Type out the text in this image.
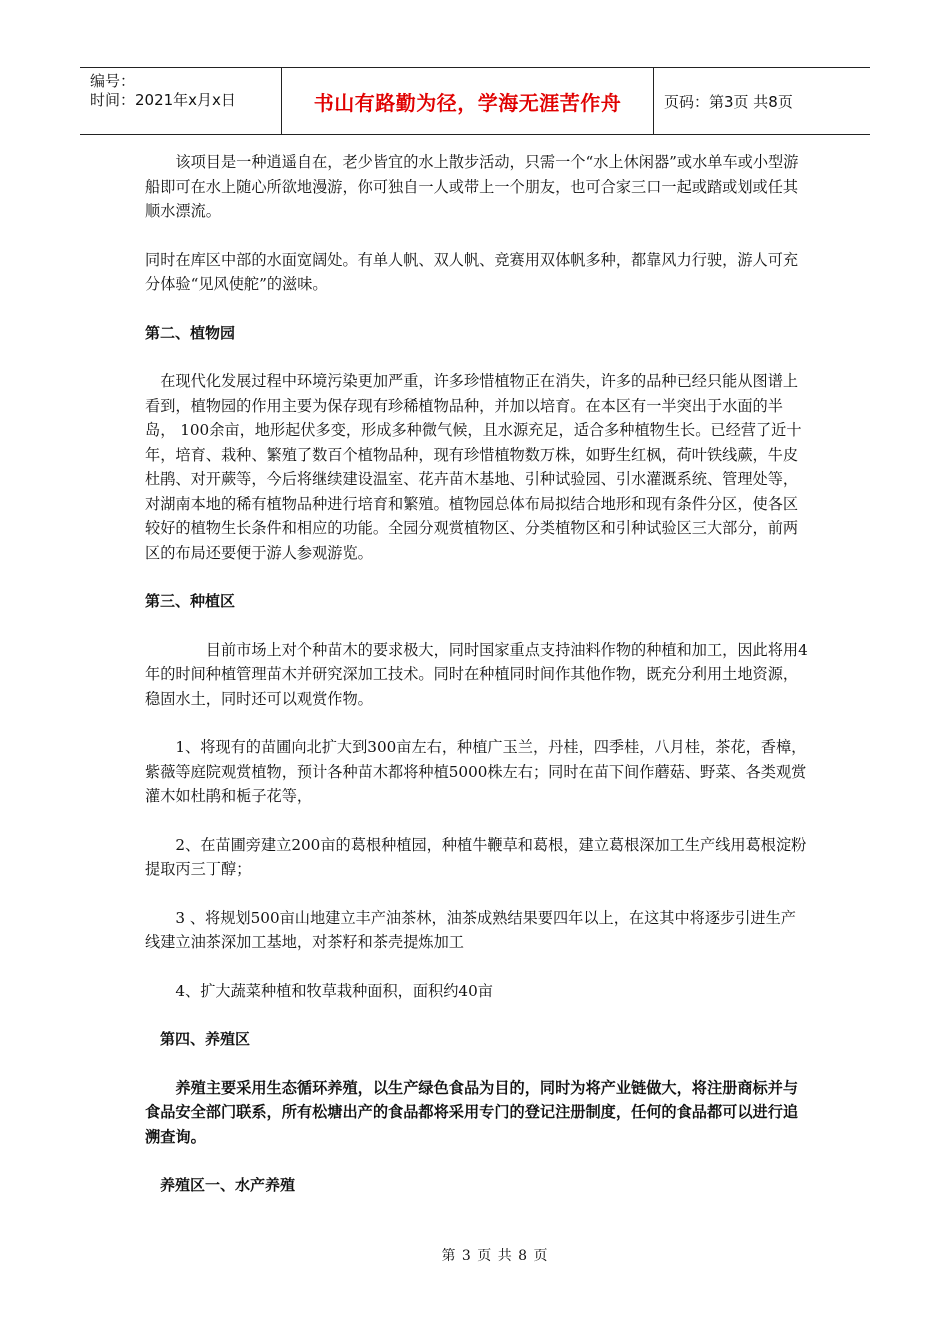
编号：
时间：2021年x月x日	书山有路勤为径，学海无涯苦作舟	页码：第3页 共8页

　　该项目是一种逍遥自在，老少皆宜的水上散步活动，只需一个“水上休闲器”或水单车或小型游船即可在水上随心所欲地漫游，你可独自一人或带上一个朋友，也可合家三口一起或踏或划或任其顺水漂流。

同时在库区中部的水面宽阔处。有单人帆、双人帆、竞赛用双体帆多种，都靠风力行驶，游人可充分体验“见风使舵”的滋味。

第二、植物园

　在现代化发展过程中环境污染更加严重，许多珍惜植物正在消失，许多的品种已经只能从图谱上看到，植物园的作用主要为保存现有珍稀植物品种，并加以培育。在本区有一半突出于水面的半岛， 100余亩，地形起伏多变，形成多种微气候，且水源充足，适合多种植物生长。已经营了近十年，培育、栽种、繁殖了数百个植物品种，现有珍惜植物数万株，如野生红枫，荷叶铁线蕨，牛皮杜鹃、对开蕨等，今后将继续建设温室、花卉苗木基地、引种试验园、引水灌溉系统、管理处等，对湖南本地的稀有植物品种进行培育和繁殖。植物园总体布局拟结合地形和现有条件分区，使各区较好的植物生长条件和相应的功能。全园分观赏植物区、分类植物区和引种试验区三大部分，前两区的布局还要便于游人参观游览。

第三、种植区

　　　　目前市场上对个种苗木的要求极大，同时国家重点支持油料作物的种植和加工，因此将用4年的时间种植管理苗木并研究深加工技术。同时在种植同时间作其他作物，既充分利用土地资源，稳固水土，同时还可以观赏作物。

　　1、将现有的苗圃向北扩大到300亩左右，种植广玉兰，丹桂，四季桂，八月桂，茶花，香樟，紫薇等庭院观赏植物，预计各种苗木都将种植5000株左右；同时在苗下间作蘑菇、野菜、各类观赏灌木如杜鹃和栀子花等，

　　2、在苗圃旁建立200亩的葛根种植园，种植牛鞭草和葛根，建立葛根深加工生产线用葛根淀粉提取丙三丁醇；

　　3 、将规划500亩山地建立丰产油茶林，油茶成熟结果要四年以上，在这其中将逐步引进生产线建立油茶深加工基地，对茶籽和茶壳提炼加工

　　4、扩大蔬菜种植和牧草栽种面积，面积约40亩

　第四、养殖区

　　养殖主要采用生态循环养殖，以生产绿色食品为目的，同时为将产业链做大，将注册商标并与食品安全部门联系，所有松塘出产的食品都将采用专门的登记注册制度，任何的食品都可以进行追溯查询。

　养殖区一、水产养殖

第 3 页 共 8 页
